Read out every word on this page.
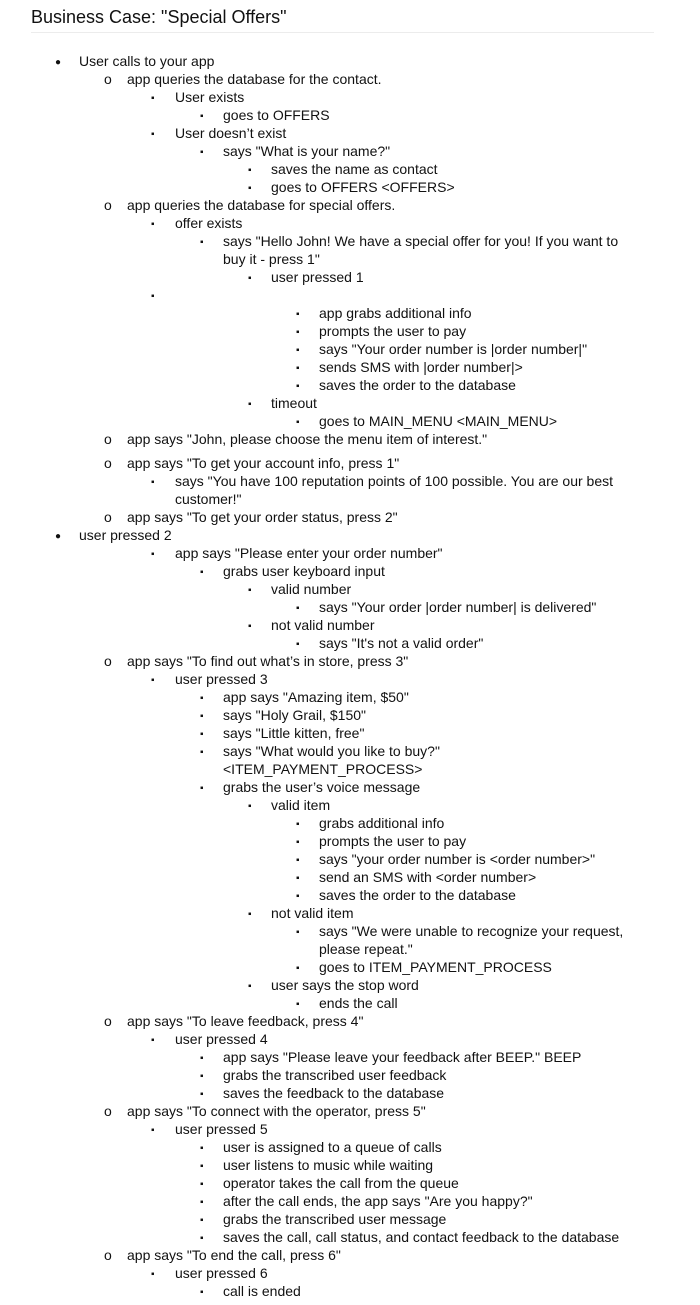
Business Case: "Special Offers"
●
User calls to your app
o
app queries the database for the contact.
▪
User exists
▪
goes to OFFERS
▪
User doesn’t exist
▪
says "What is your name?"
▪
saves the name as contact
▪
goes to OFFERS <OFFERS>
o
app queries the database for special offers.
▪
offer exists
▪
says "Hello John! We have a special offer for you! If you want to
buy it - press 1"
▪
user pressed 1
▪
▪
app grabs additional info
▪
prompts the user to pay
▪
says "Your order number is |order number|"
▪
sends SMS with |order number|>
▪
saves the order to the database
▪
timeout
▪
goes to MAIN_MENU <MAIN_MENU>
o
app says "John, please choose the menu item of interest."
o
app says "To get your account info, press 1"
▪
says "You have 100 reputation points of 100 possible. You are our best
customer!"
o
app says "To get your order status, press 2"
●
user pressed 2
▪
app says "Please enter your order number"
▪
grabs user keyboard input
▪
valid number
▪
says "Your order |order number| is delivered"
▪
not valid number
▪
says "It's not a valid order"
o
app says "To find out what’s in store, press 3"
▪
user pressed 3
▪
app says "Amazing item, $50"
▪
says "Holy Grail, $150"
▪
says "Little kitten, free"
▪
says "What would you like to buy?"
<ITEM_PAYMENT_PROCESS>
▪
grabs the user’s voice message
▪
valid item
▪
grabs additional info
▪
prompts the user to pay
▪
says "your order number is <order number>"
▪
send an SMS with <order number>
▪
saves the order to the database
▪
not valid item
▪
says "We were unable to recognize your request,
please repeat."
▪
goes to ITEM_PAYMENT_PROCESS
▪
user says the stop word
▪
ends the call
o
app says "To leave feedback, press 4"
▪
user pressed 4
▪
app says "Please leave your feedback after BEEP." BEEP
▪
grabs the transcribed user feedback
▪
saves the feedback to the database
o
app says "To connect with the operator, press 5"
▪
user pressed 5
▪
user is assigned to a queue of calls
▪
user listens to music while waiting
▪
operator takes the call from the queue
▪
after the call ends, the app says "Are you happy?"
▪
grabs the transcribed user message
▪
saves the call, call status, and contact feedback to the database
o
app says "To end the call, press 6"
▪
user pressed 6
▪
call is ended
